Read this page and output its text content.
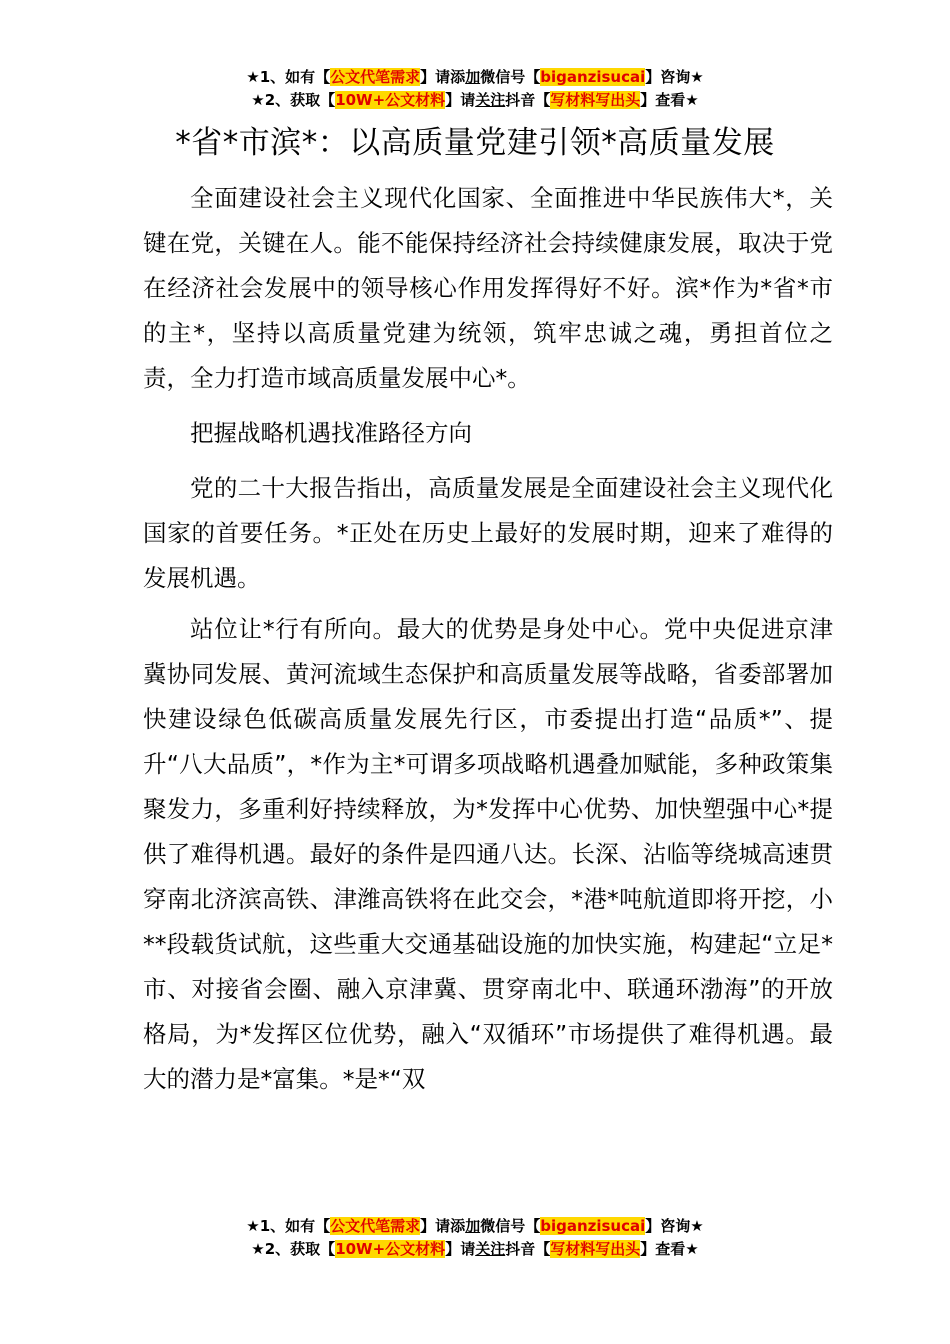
★1、如有【公文代笔需求】请添加微信号【biganzisucai】咨询★
★2、获取【10W+公文材料】请关注抖音【写材料写出头】查看★
*省*市滨*：以高质量党建引领*高质量发展

全面建设社会主义现代化国家、全面推进中华民族伟大*，关键在党，关键在人。能不能保持经济社会持续健康发展，取决于党在经济社会发展中的领导核心作用发挥得好不好。滨*作为*省*市的主*，坚持以高质量党建为统领，筑牢忠诚之魂，勇担首位之责，全力打造市域高质量发展中心*。

把握战略机遇找准路径方向

党的二十大报告指出，高质量发展是全面建设社会主义现代化国家的首要任务。*正处在历史上最好的发展时期，迎来了难得的发展机遇。

站位让*行有所向。最大的优势是身处中心。党中央促进京津冀协同发展、黄河流域生态保护和高质量发展等战略，省委部署加快建设绿色低碳高质量发展先行区，市委提出打造“品质*”、提升“八大品质”，*作为主*可谓多项战略机遇叠加赋能，多种政策集聚发力，多重利好持续释放，为*发挥中心优势、加快塑强中心*提供了难得机遇。最好的条件是四通八达。长深、沾临等绕城高速贯穿南北济滨高铁、津潍高铁将在此交会，*港*吨航道即将开挖，小**段载货试航，这些重大交通基础设施的加快实施，构建起“立足*市、对接省会圈、融入京津冀、贯穿南北中、联通环渤海”的开放格局，为*发挥区位优势，融入“双循环”市场提供了难得机遇。最大的潜力是*富集。*是*“双

★1、如有【公文代笔需求】请添加微信号【biganzisucai】咨询★
★2、获取【10W+公文材料】请关注抖音【写材料写出头】查看★
